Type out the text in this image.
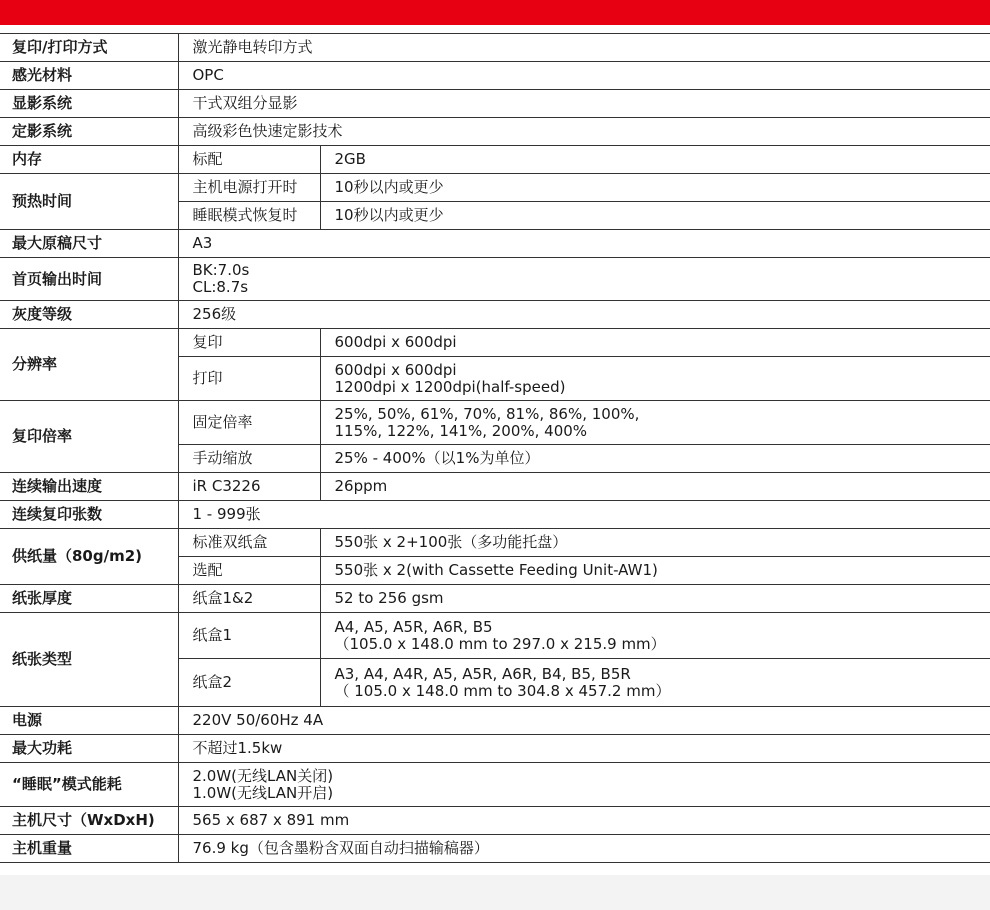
复印/打印方式	激光静电转印方式	

感光材料	OPC	

显影系统	干式双组分显影	

定影系统	高级彩色快速定影技术	

内存	标配	2GB

预热时间	主机电源打开时	10秒以内或更少

	睡眠模式恢复时	10秒以内或更少

最大原稿尺寸	A3	

首页输出时间	BK:7.0s
CL:8.7s	

灰度等级	256级	

分辨率	复印	600dpi x 600dpi

	打印	600dpi x 600dpi
1200dpi x 1200dpi(half-speed)

复印倍率	固定倍率	25%, 50%, 61%, 70%, 81%, 86%, 100%,
115%, 122%, 141%, 200%, 400%

	手动缩放	25% - 400%（以1%为单位）

连续输出速度	iR C3226	26ppm

连续复印张数	1 - 999张	

供纸量（80g/m2)	标准双纸盒	550张 x 2+100张（多功能托盘）

	选配	550张 x 2(with Cassette Feeding Unit-AW1)

纸张厚度	纸盒1&2	52 to 256 gsm

纸张类型	纸盒1	A4, A5, A5R, A6R, B5
（105.0 x 148.0 mm to 297.0 x 215.9 mm）

	纸盒2	A3, A4, A4R, A5, A5R, A6R, B4, B5, B5R
（ 105.0 x 148.0 mm to 304.8 x 457.2 mm）

电源	220V 50/60Hz 4A	

最大功耗	不超过1.5kw	

“睡眠”模式能耗	2.0W(无线LAN关闭)
1.0W(无线LAN开启)	

主机尺寸（WxDxH)	565 x 687 x 891 mm	

主机重量	76.9 kg（包含墨粉含双面自动扫描输稿器）	
